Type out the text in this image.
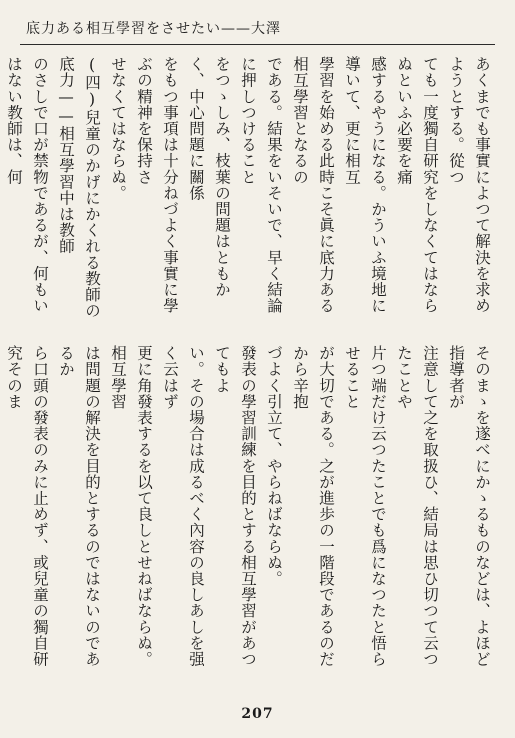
底力ある相互學習をさせたい——大澤
あくまでも事實によつて解決を求めようとする。從つ
ても一度獨自研究をしなくてはならぬといふ必要を痛
感するやうになる。かういふ境地に導いて、更に相互
學習を始める此時こそ眞に底力ある相互學習となるの
である。結果をいそいで、早く結論に押しつけること
をつゝしみ、枝葉の問題はともかく、中心問題に關係
をもつ事項は十分ねづよく事實に學ぶの精神を保持さ
せなくてはならぬ。
(四)兒童のかげにかくれる教師の底力——相互學習中は教師
のさしで口が禁物であるが、何もいはない教師は、何
そのまゝを遂べにかゝるものなどは、よほど指導者が
注意して之を取扱ひ、結局は思ひ切つて云つたことや
片つ端だけ云つたことでも爲になつたと悟らせること
が大切である。之が進歩の一階段であるのだから辛抱
づよく引立て、やらねばならぬ。
發表の學習訓練を目的とする相互學習があつてもよ
い。その場合は成るべく內容の良しあしを强く云はず
更に角發表するを以て良しとせねばならぬ。相互學習
は問題の解決を目的とするのではないのであるか
ら口頭の發表のみに止めず、或兒童の獨自研究そのま
207
